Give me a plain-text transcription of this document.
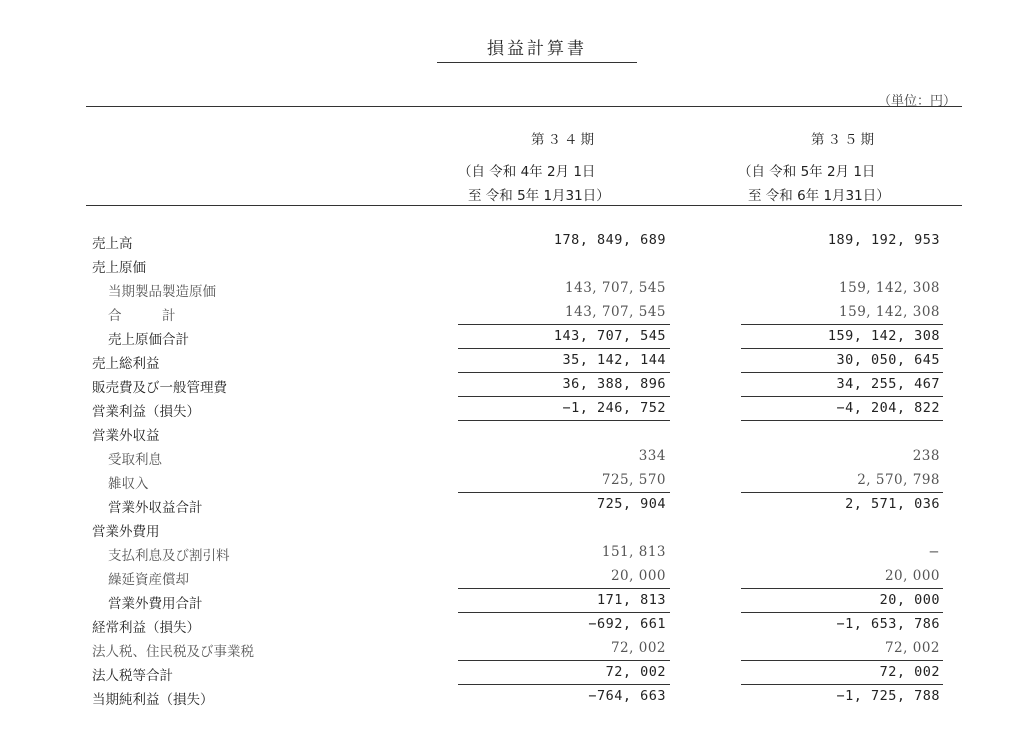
損益計算書
（単位：円）
第３４期
（自 令和 4年 2月 1日
至 令和 5年 1月31日）
第３５期
（自 令和 5年 2月 1日
至 令和 6年 1月31日）
売上高	178, 849, 689	189, 192, 953
売上原価
当期製品製造原価	143, 707, 545	159, 142, 308
合　　　計	143, 707, 545	159, 142, 308
売上原価合計	143, 707, 545	159, 142, 308
売上総利益	35, 142, 144	30, 050, 645
販売費及び一般管理費	36, 388, 896	34, 255, 467
営業利益（損失）	−1, 246, 752	−4, 204, 822
営業外収益
受取利息	334	238
雑収入	725, 570	2, 570, 798
営業外収益合計	725, 904	2, 571, 036
営業外費用
支払利息及び割引料	151, 813	−
繰延資産償却	20, 000	20, 000
営業外費用合計	171, 813	20, 000
経常利益（損失）	−692, 661	−1, 653, 786
法人税、住民税及び事業税	72, 002	72, 002
法人税等合計	72, 002	72, 002
当期純利益（損失）	−764, 663	−1, 725, 788
